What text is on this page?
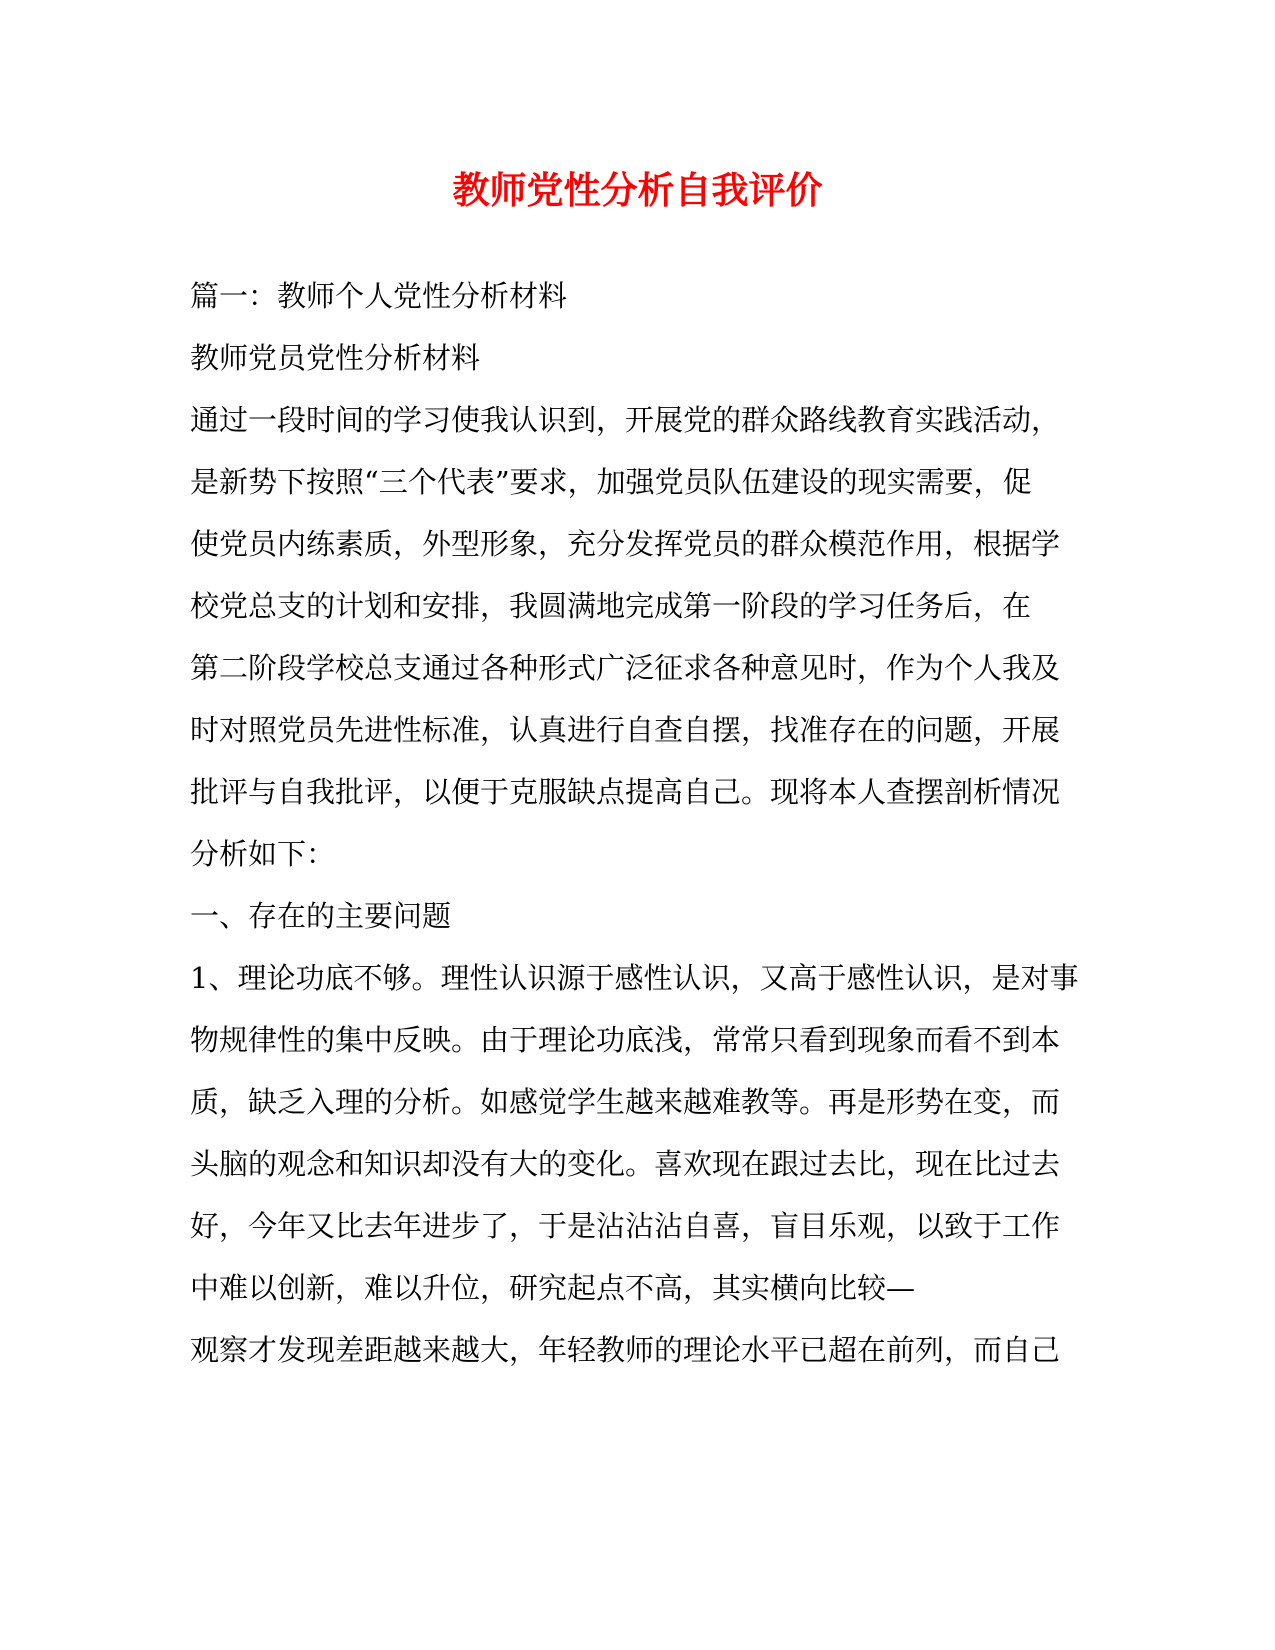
教师党性分析自我评价

篇一：教师个人党性分析材料

教师党员党性分析材料

通过一段时间的学习使我认识到，开展党的群众路线教育实践活动，

是新势下按照“三个代表”要求，加强党员队伍建设的现实需要，促

使党员内练素质，外型形象，充分发挥党员的群众模范作用，根据学

校党总支的计划和安排，我圆满地完成第一阶段的学习任务后，在

第二阶段学校总支通过各种形式广泛征求各种意见时，作为个人我及

时对照党员先进性标准，认真进行自查自摆，找准存在的问题，开展

批评与自我批评，以便于克服缺点提高自己。现将本人查摆剖析情况

分析如下：

一、存在的主要问题

1、理论功底不够。理性认识源于感性认识，又高于感性认识，是对事

物规律性的集中反映。由于理论功底浅，常常只看到现象而看不到本

质，缺乏入理的分析。如感觉学生越来越难教等。再是形势在变，而

头脑的观念和知识却没有大的变化。喜欢现在跟过去比，现在比过去

好，今年又比去年进步了，于是沾沾沾自喜，盲目乐观，以致于工作

中难以创新，难以升位，研究起点不高，其实横向比较—

观察才发现差距越来越大，年轻教师的理论水平已超在前列，而自己
